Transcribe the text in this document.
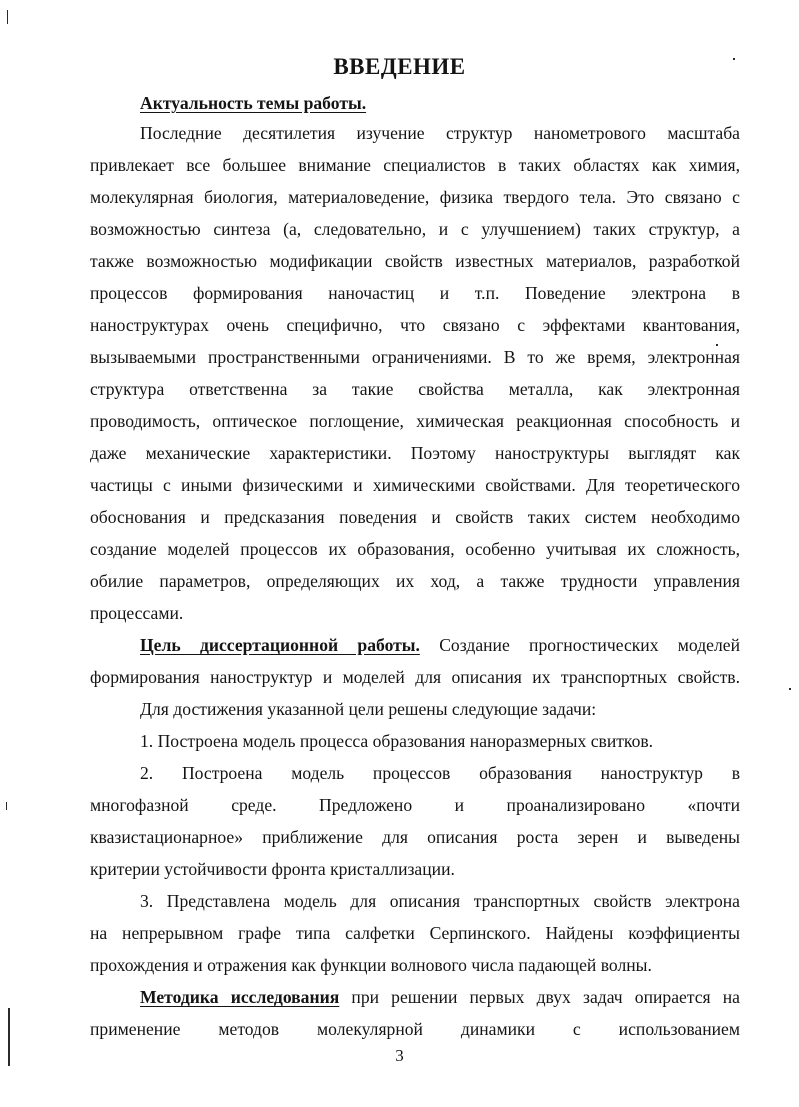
ВВЕДЕНИЕ

Актуальность темы работы.

Последние десятилетия изучение структур нанометрового масштаба

привлекает все большее внимание специалистов в таких областях как химия,

молекулярная биология, материаловедение, физика твердого тела. Это связано с

возможностью синтеза (а, следовательно, и с улучшением) таких структур, а

также возможностью модификации свойств известных материалов, разработкой

процессов формирования наночастиц и т.п. Поведение электрона в

наноструктурах очень специфично, что связано с эффектами квантования,

вызываемыми пространственными ограничениями. В то же время, электронная

структура ответственна за такие свойства металла, как электронная

проводимость, оптическое поглощение, химическая реакционная способность и

даже механические характеристики. Поэтому наноструктуры выглядят как

частицы с иными физическими и химическими свойствами. Для теоретического

обоснования и предсказания поведения и свойств таких систем необходимо

создание моделей процессов их образования, особенно учитывая их сложность,

обилие параметров, определяющих их ход, а также трудности управления

процессами.

Цель диссертационной работы. Создание прогностических моделей

формирования наноструктур и моделей для описания их транспортных свойств.

Для достижения указанной цели решены следующие задачи:

1. Построена модель процесса образования наноразмерных свитков.

2. Построена модель процессов образования наноструктур в

многофазной среде. Предложено и проанализировано «почти

квазистационарное» приближение для описания роста зерен и выведены

критерии устойчивости фронта кристаллизации.

3. Представлена модель для описания транспортных свойств электрона

на непрерывном графе типа салфетки Серпинского. Найдены коэффициенты

прохождения и отражения как функции волнового числа падающей волны.

Методика исследования при решении первых двух задач опирается на

применение методов молекулярной динамики с использованием

3
